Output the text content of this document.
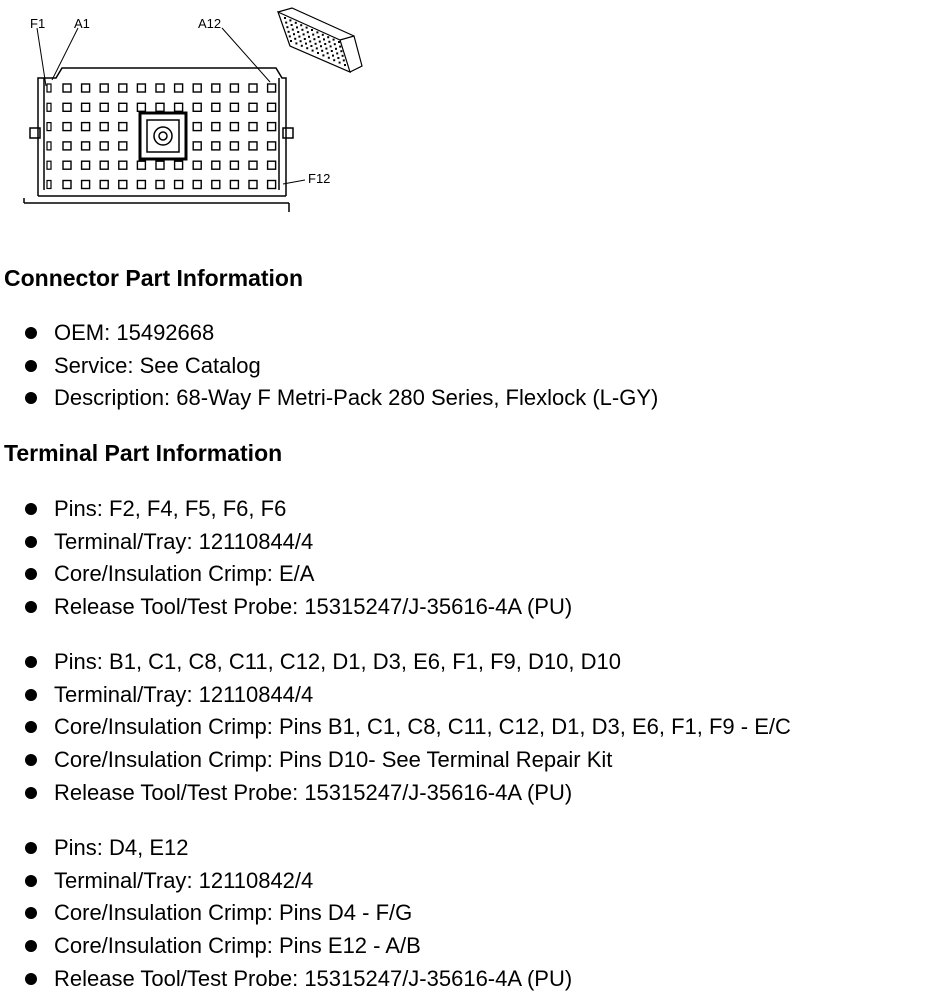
F1 A1	A12
F12
Connector Part Information
OEM: 15492668
Service: See Catalog
Description: 68-Way F Metri-Pack 280 Series, Flexlock (L-GY)
Terminal Part Information
Pins: F2, F4, F5, F6, F6
Terminal/Tray: 12110844/4
Core/Insulation Crimp: E/A
Release Tool/Test Probe: 15315247/J-35616-4A (PU)
Pins: B1, C1, C8, C11, C12, D1, D3, E6, F1, F9, D10, D10
Terminal/Tray: 12110844/4
Core/Insulation Crimp: Pins B1, C1, C8, C11, C12, D1, D3, E6, F1, F9 - E/C
Core/Insulation Crimp: Pins D10- See Terminal Repair Kit
Release Tool/Test Probe: 15315247/J-35616-4A (PU)
Pins: D4, E12
Terminal/Tray: 12110842/4
Core/Insulation Crimp: Pins D4 - F/G
Core/Insulation Crimp: Pins E12 - A/B
Release Tool/Test Probe: 15315247/J-35616-4A (PU)
